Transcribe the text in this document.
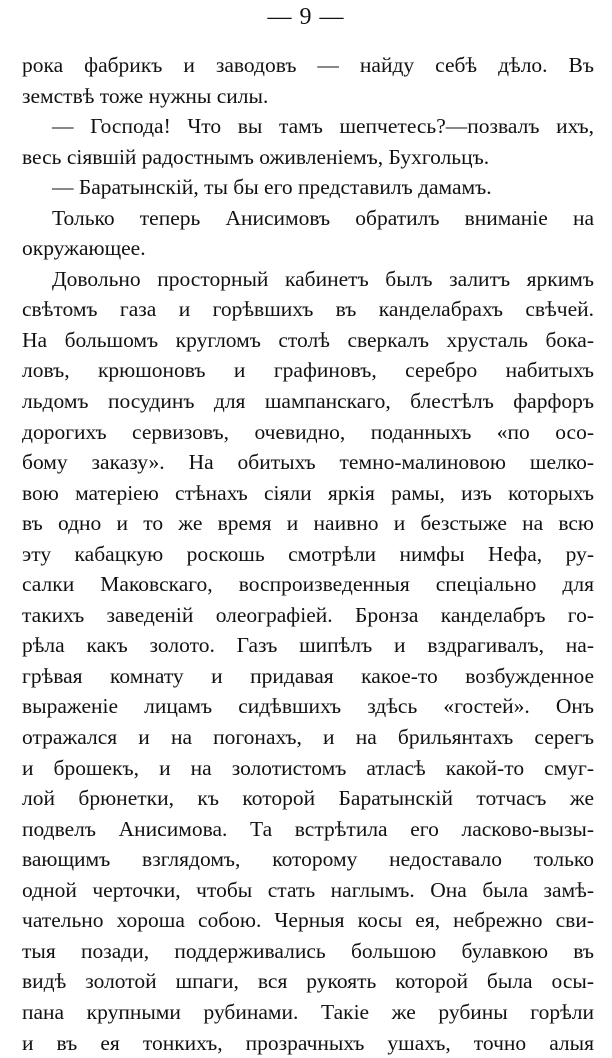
— 9 —
рока фабрикъ и заводовъ — найду себѣ дѣло. Въ
земствѣ тоже нужны силы.
— Господа! Что вы тамъ шепчетесь?—позвалъ ихъ,
весь сіявшій радостнымъ оживленіемъ, Бухгольцъ.
— Баратынскій, ты бы его представилъ дамамъ.
Только теперь Анисимовъ обратилъ вниманіе на
окружающее.
Довольно просторный кабинетъ былъ залитъ яркимъ
свѣтомъ газа и горѣвшихъ въ канделабрахъ свѣчей.
На большомъ кругломъ столѣ сверкалъ хрусталь бока-
ловъ, крюшоновъ и графиновъ, серебро набитыхъ
льдомъ посудинъ для шампанскаго, блестѣлъ фарфоръ
дорогихъ сервизовъ, очевидно, поданныхъ «по осо-
бому заказу». На обитыхъ темно-малиновою шелко-
вою матеріею стѣнахъ сіяли яркія рамы, изъ которыхъ
въ одно и то же время и наивно и безстыже на всю
эту кабацкую роскошь смотрѣли нимфы Нефа, ру-
салки Маковскаго, воспроизведенныя спеціально для
такихъ заведеній олеографіей. Бронза канделабръ го-
рѣла какъ золото. Газъ шипѣлъ и вздрагивалъ, на-
грѣвая комнату и придавая какое-то возбужденное
выраженіе лицамъ сидѣвшихъ здѣсь «гостей». Онъ
отражался и на погонахъ, и на брильянтахъ серегъ
и брошекъ, и на золотистомъ атласѣ какой-то смуг-
лой брюнетки, къ которой Баратынскій тотчасъ же
подвелъ Анисимова. Та встрѣтила его ласково-вызы-
вающимъ взглядомъ, которому недоставало только
одной черточки, чтобы стать наглымъ. Она была замѣ-
чательно хороша собою. Черныя косы ея, небрежно сви-
тыя позади, поддерживались большою булавкою въ
видѣ золотой шпаги, вся рукоять которой была осы-
пана крупными рубинами. Такіе же рубины горѣли
и въ ея тонкихъ, прозрачныхъ ушахъ, точно алыя
